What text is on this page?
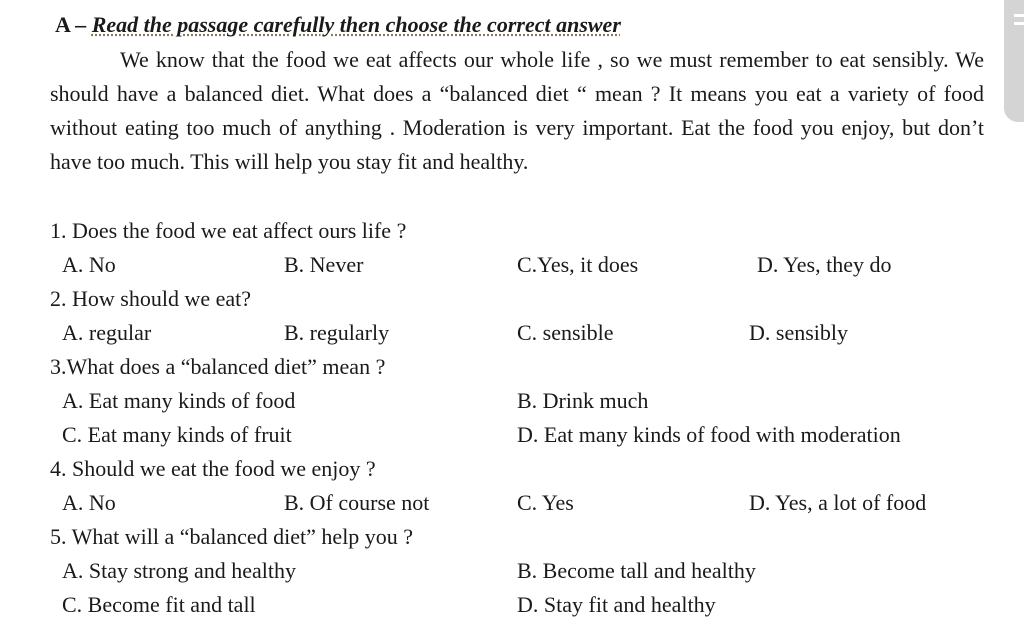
A – Read the passage carefully then choose the correct answer

We know that the food we eat affects our whole life , so we must remember to eat sensibly. We should have a balanced diet. What does a “balanced diet “ mean ? It means you eat a variety of food without eating too much of anything . Moderation is very important. Eat the food you enjoy, but don’t have too much. This will help you stay fit and healthy.

1. Does the food we eat affect ours life ?
A. No	B. Never	C.Yes, it does	D. Yes, they do
2. How should we eat?
A. regular	B. regularly	C. sensible	D. sensibly
3.What does a “balanced diet” mean ?
A. Eat many kinds of food	B. Drink much
C. Eat many kinds of fruit	D. Eat many kinds of food with moderation
4. Should we eat the food we enjoy ?
A. No	B. Of course not	C. Yes	D. Yes, a lot of food
5. What will a “balanced diet” help you ?
A. Stay strong and healthy	B. Become tall and healthy
C. Become fit and tall	D. Stay fit and healthy
